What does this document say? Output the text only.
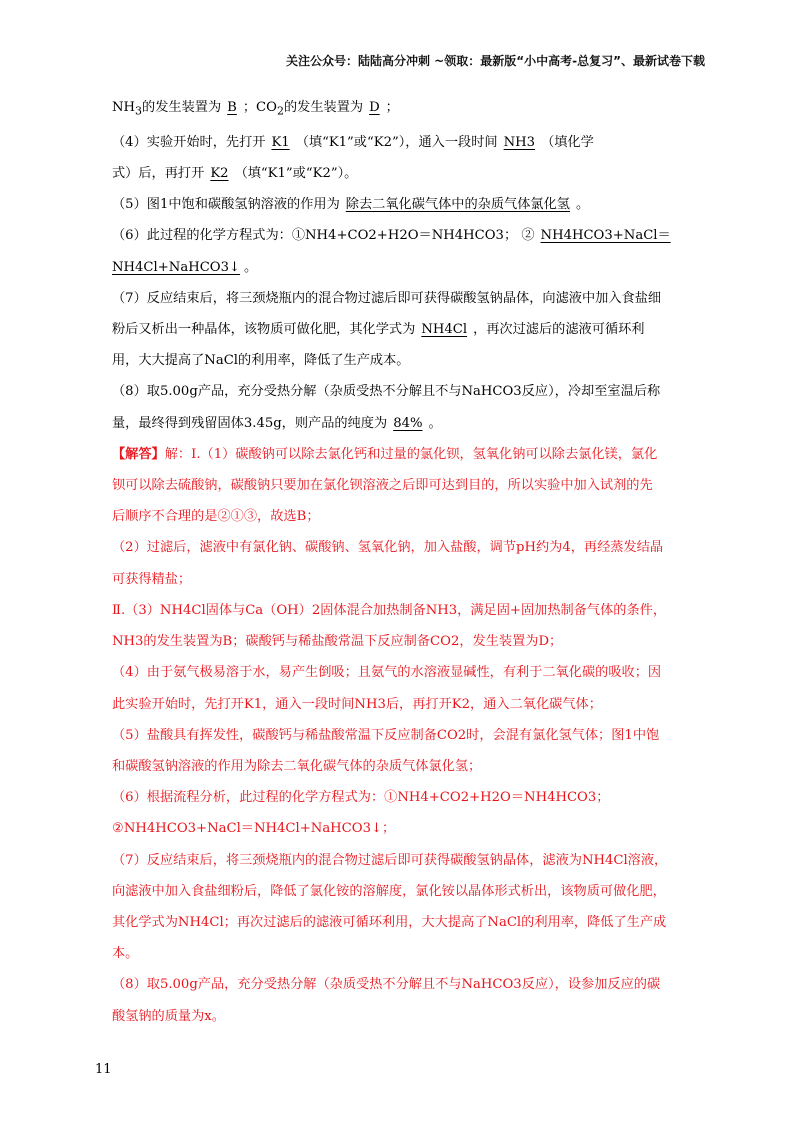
关注公众号：陆陆高分冲刺 ~领取：最新版“小中高考-总复习”、最新试卷下载

$NH_3$的发生装置为 B ；$CO_2$的发生装置为 D ；

（4）实验开始时，先打开 K1 （填“K1”或“K2”），通入一段时间 NH3 （填化学

式）后，再打开 K2 （填“K1”或“K2”）。

（5）图1中饱和碳酸氢钠溶液的作用为 除去二氧化碳气体中的杂质气体氯化氢 。

（6）此过程的化学方程式为：①NH4+CO2+H2O＝NH4HCO3； ② NH4HCO3+NaCl＝

NH4Cl+NaHCO3↓ 。

（7）反应结束后，将三颈烧瓶内的混合物过滤后即可获得碳酸氢钠晶体，向滤液中加入食盐细

粉后又析出一种晶体，该物质可做化肥，其化学式为 NH4Cl ，再次过滤后的滤液可循环利

用，大大提高了NaCl的利用率，降低了生产成本。

（8）取5.00g产品，充分受热分解（杂质受热不分解且不与NaHCO3反应），冷却至室温后称

量，最终得到残留固体3.45g，则产品的纯度为 84% 。

【解答】解：Ⅰ.（1）碳酸钠可以除去氯化钙和过量的氯化钡，氢氧化钠可以除去氯化镁，氯化

钡可以除去硫酸钠，碳酸钠只要加在氯化钡溶液之后即可达到目的，所以实验中加入试剂的先

后顺序不合理的是②①③，故选B；

（2）过滤后，滤液中有氯化钠、碳酸钠、氢氧化钠，加入盐酸，调节pH约为4，再经蒸发结晶

可获得精盐；

Ⅱ.（3）NH4Cl固体与Ca（OH）2固体混合加热制备NH3，满足固+固加热制备气体的条件，

NH3的发生装置为B；碳酸钙与稀盐酸常温下反应制备CO2，发生装置为D；

（4）由于氨气极易溶于水，易产生倒吸；且氨气的水溶液显碱性，有利于二氧化碳的吸收；因

此实验开始时，先打开K1，通入一段时间NH3后，再打开K2，通入二氧化碳气体；

（5）盐酸具有挥发性，碳酸钙与稀盐酸常温下反应制备CO2时，会混有氯化氢气体；图1中饱

和碳酸氢钠溶液的作用为除去二氧化碳气体的杂质气体氯化氢；

（6）根据流程分析，此过程的化学方程式为：①NH4+CO2+H2O＝NH4HCO3；

②NH4HCO3+NaCl＝NH4Cl+NaHCO3↓；

（7）反应结束后，将三颈烧瓶内的混合物过滤后即可获得碳酸氢钠晶体，滤液为NH4Cl溶液，

向滤液中加入食盐细粉后，降低了氯化铵的溶解度，氯化铵以晶体形式析出，该物质可做化肥，

其化学式为NH4Cl；再次过滤后的滤液可循环利用，大大提高了NaCl的利用率，降低了生产成

本。

（8）取5.00g产品，充分受热分解（杂质受热不分解且不与NaHCO3反应），设参加反应的碳

酸氢钠的质量为x。

11
